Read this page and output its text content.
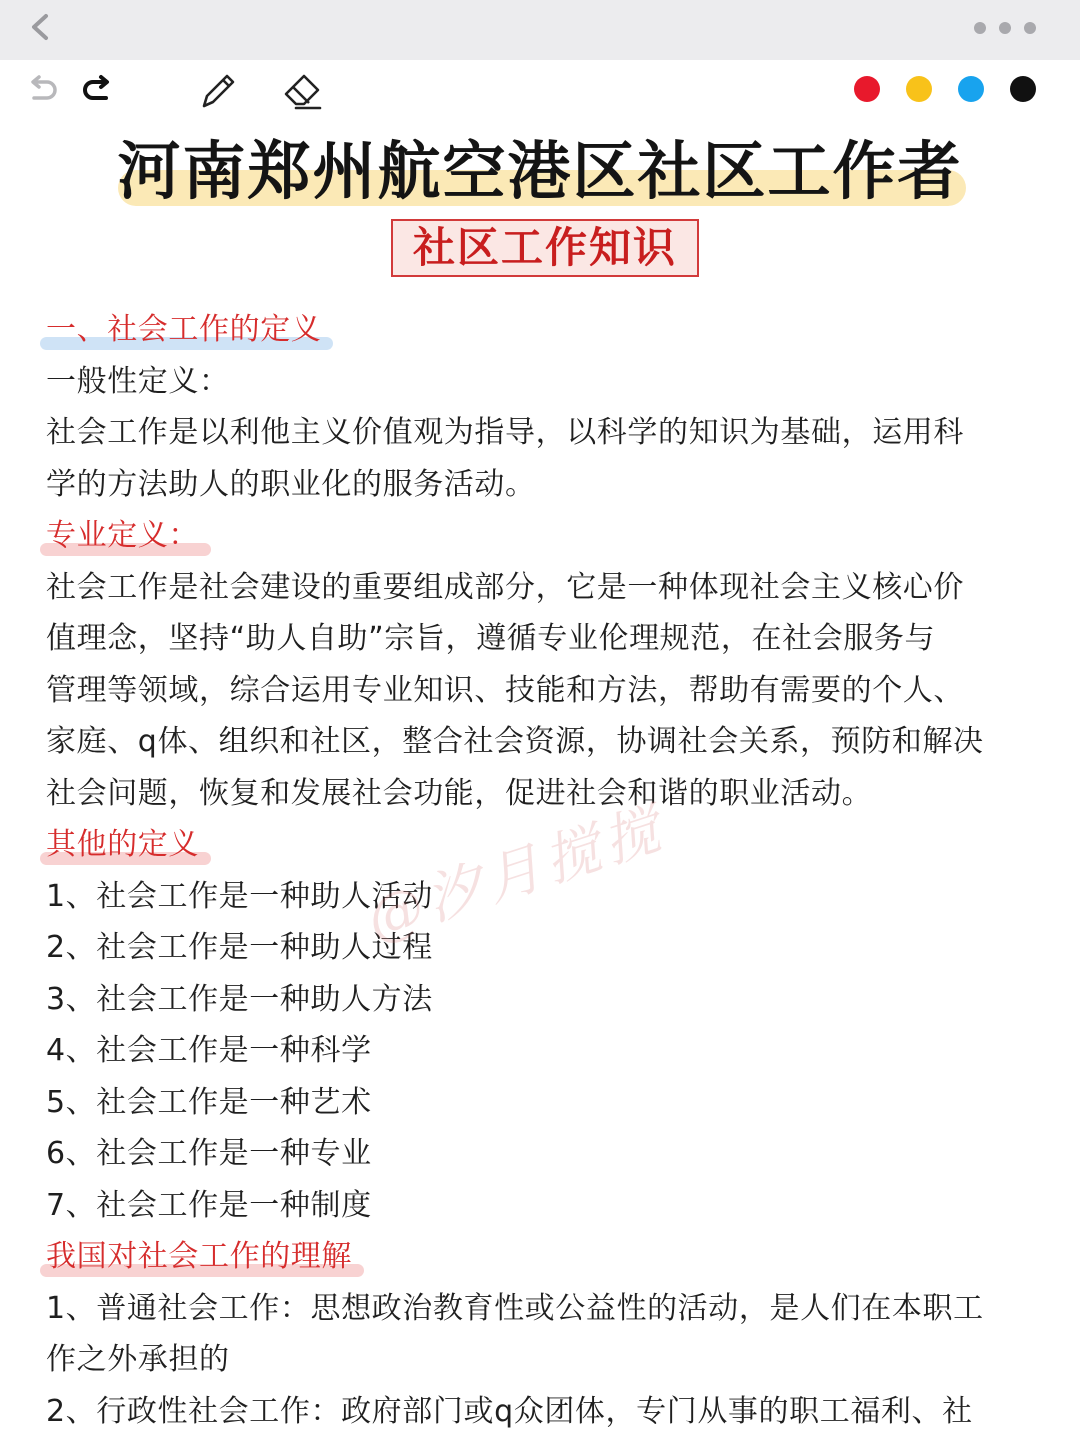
河南郑州航空港区社区工作者
社区工作知识
一、社会工作的定义
一般性定义：
社会工作是以利他主义价值观为指导，以科学的知识为基础，运用科
学的方法助人的职业化的服务活动。
专业定义：
社会工作是社会建设的重要组成部分，它是一种体现社会主义核心价
值理念，坚持“助人自助”宗旨，遵循专业伦理规范，在社会服务与
管理等领域，综合运用专业知识、技能和方法，帮助有需要的个人、
家庭、q体、组织和社区，整合社会资源，协调社会关系，预防和解决
社会问题，恢复和发展社会功能，促进社会和谐的职业活动。
其他的定义
1、社会工作是一种助人活动
2、社会工作是一种助人过程
3、社会工作是一种助人方法
4、社会工作是一种科学
5、社会工作是一种艺术
6、社会工作是一种专业
7、社会工作是一种制度
我国对社会工作的理解
1、普通社会工作：思想政治教育性或公益性的活动，是人们在本职工
作之外承担的
2、行政性社会工作：政府部门或q众团体，专门从事的职工福利、社
@汐月搅搅
